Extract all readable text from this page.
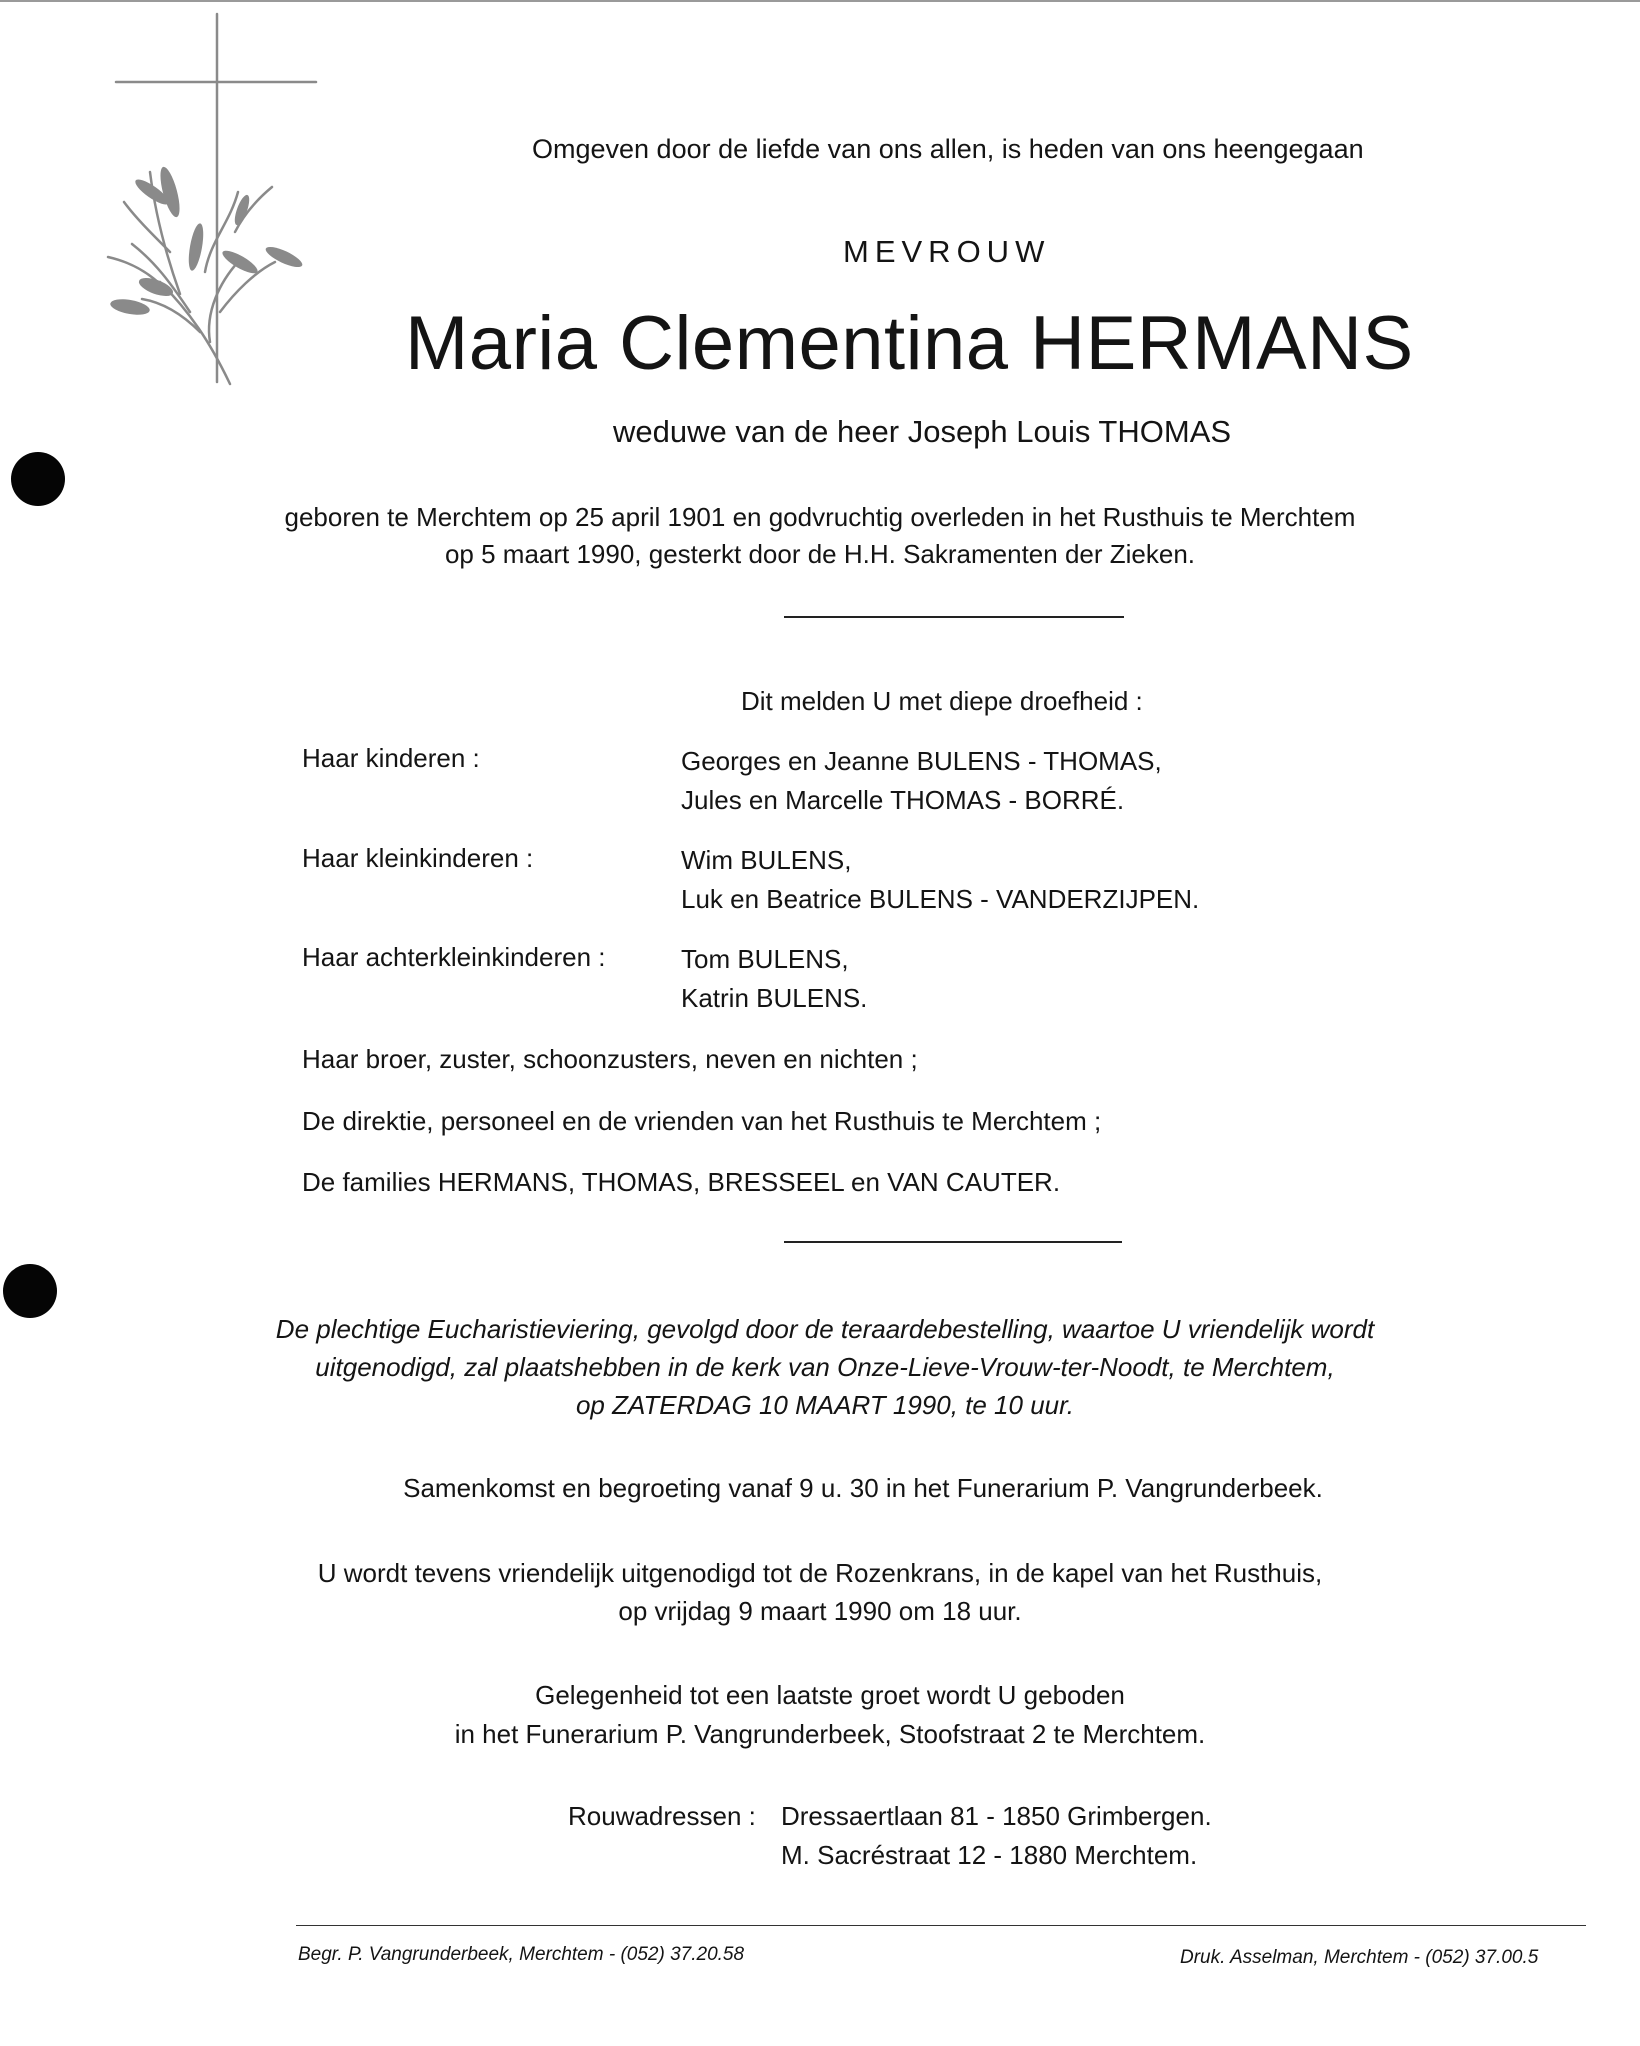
Omgeven door de liefde van ons allen, is heden van ons heengegaan
MEVROUW
Maria Clementina HERMANS
weduwe van de heer Joseph Louis THOMAS
geboren te Merchtem op 25 april 1901 en godvruchtig overleden in het Rusthuis te Merchtem
op 5 maart 1990, gesterkt door de H.H. Sakramenten der Zieken.
Dit melden U met diepe droefheid :
Haar kinderen :	Georges en Jeanne BULENS - THOMAS,
Jules en Marcelle THOMAS - BORRÉ.
Haar kleinkinderen :	Wim BULENS,
Luk en Beatrice BULENS - VANDERZIJPEN.
Haar achterkleinkinderen :	Tom BULENS,
Katrin BULENS.
Haar broer, zuster, schoonzusters, neven en nichten ;
De direktie, personeel en de vrienden van het Rusthuis te Merchtem ;
De families HERMANS, THOMAS, BRESSEEL en VAN CAUTER.
De plechtige Eucharistieviering, gevolgd door de teraardebestelling, waartoe U vriendelijk wordt
uitgenodigd, zal plaatshebben in de kerk van Onze-Lieve-Vrouw-ter-Noodt, te Merchtem,
op ZATERDAG 10 MAART 1990, te 10 uur.
Samenkomst en begroeting vanaf 9 u. 30 in het Funerarium P. Vangrunderbeek.
U wordt tevens vriendelijk uitgenodigd tot de Rozenkrans, in de kapel van het Rusthuis,
op vrijdag 9 maart 1990 om 18 uur.
Gelegenheid tot een laatste groet wordt U geboden
in het Funerarium P. Vangrunderbeek, Stoofstraat 2 te Merchtem.
Rouwadressen : Dressaertlaan 81 - 1850 Grimbergen.
M. Sacréstraat 12 - 1880 Merchtem.
Begr. P. Vangrunderbeek, Merchtem - (052) 37.20.58	Druk. Asselman, Merchtem - (052) 37.00.5
